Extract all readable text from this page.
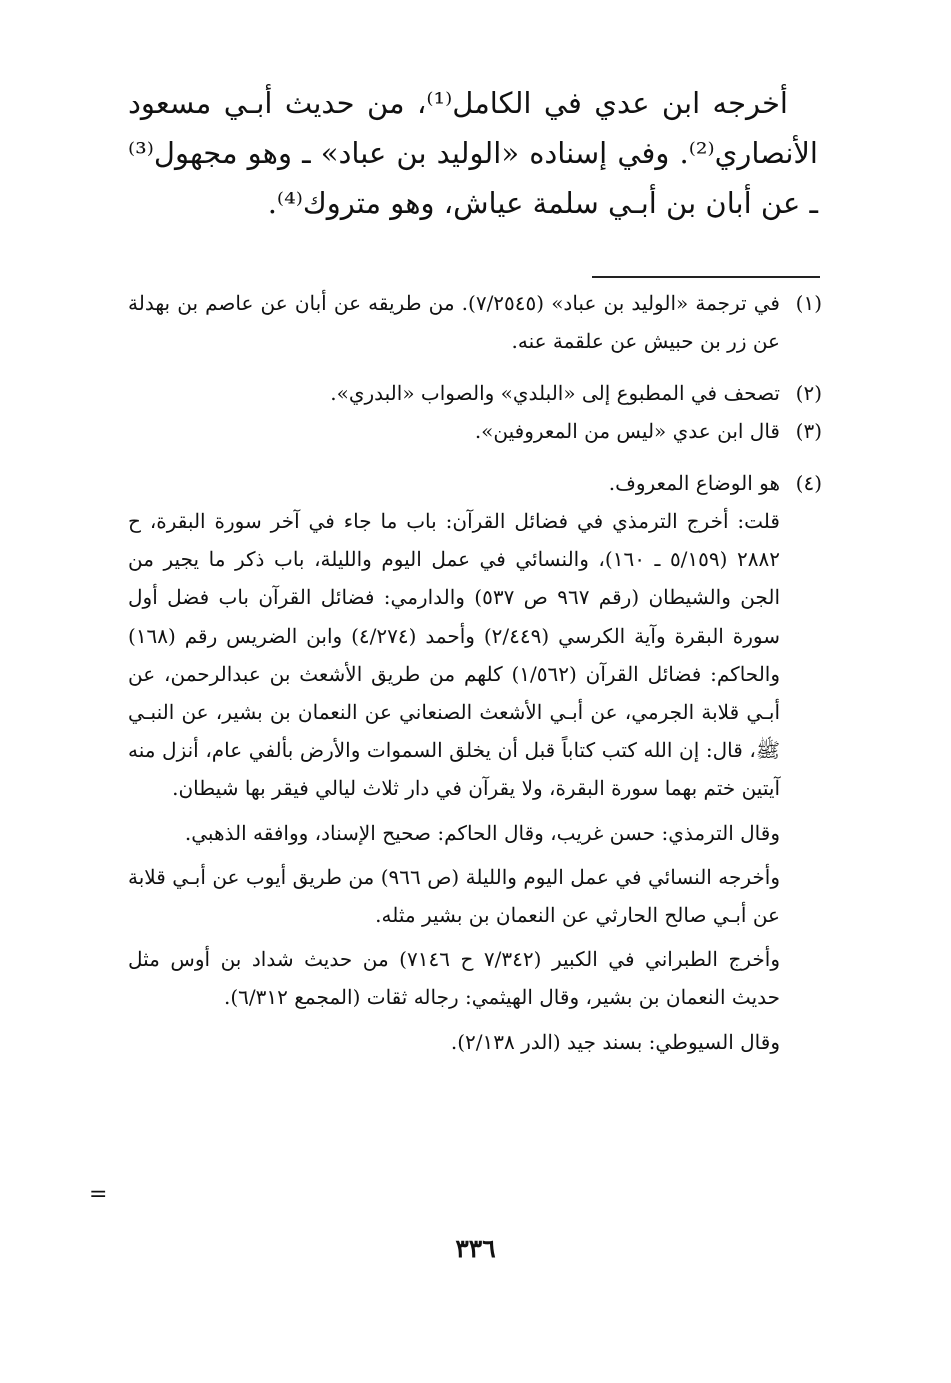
أخرجه ابن عدي في الكامل⁽¹⁾، من حديث أبـي مسعود الأنصاري⁽²⁾. وفي إسناده «الوليد بن عباد» ـ وهو مجهول⁽³⁾ ـ عن أبان بن أبـي سلمة عياش، وهو متروك⁽⁴⁾.

(١)
في ترجمة «الوليد بن عباد» (٧/٢٥٤٥). من طريقه عن أبان عن عاصم بن بهدلة عن زر بن حبيش عن علقمة عنه.
(٢)
تصحف في المطبوع إلى «البلدي» والصواب «البدري».
(٣)
قال ابن عدي «ليس من المعروفين».
(٤)
هو الوضاع المعروف.

قلت: أخرج الترمذي في فضائل القرآن: باب ما جاء في آخر سورة البقرة، ح ٢٨٨٢ (٥/١٥٩ ـ ١٦٠)، والنسائي في عمل اليوم والليلة، باب ذكر ما يجير من الجن والشيطان (رقم ٩٦٧ ص ٥٣٧) والدارمي: فضائل القرآن باب فضل أول سورة البقرة وآية الكرسي (٢/٤٤٩) وأحمد (٤/٢٧٤) وابن الضريس رقم (١٦٨) والحاكم: فضائل القرآن (١/٥٦٢) كلهم من طريق الأشعث بن عبدالرحمن، عن أبـي قلابة الجرمي، عن أبـي الأشعث الصنعاني عن النعمان بن بشير، عن النبـي ﷺ، قال: إن الله كتب كتاباً قبل أن يخلق السموات والأرض بألفي عام، أنزل منه آيتين ختم بهما سورة البقرة، ولا يقرآن في دار ثلاث ليالي فيقر بها شيطان.

وقال الترمذي: حسن غريب، وقال الحاكم: صحيح الإسناد، ووافقه الذهبي.

وأخرجه النسائي في عمل اليوم والليلة (ص ٩٦٦) من طريق أيوب عن أبـي قلابة عن أبـي صالح الحارثي عن النعمان بن بشير مثله.

وأخرج الطبراني في الكبير (٧/٣٤٢ ح ٧١٤٦) من حديث شداد بن أوس مثل حديث النعمان بن بشير، وقال الهيثمي: رجاله ثقات (المجمع ٦/٣١٢).

وقال السيوطي: بسند جيد (الدر ٢/١٣٨).

=
٣٣٦
